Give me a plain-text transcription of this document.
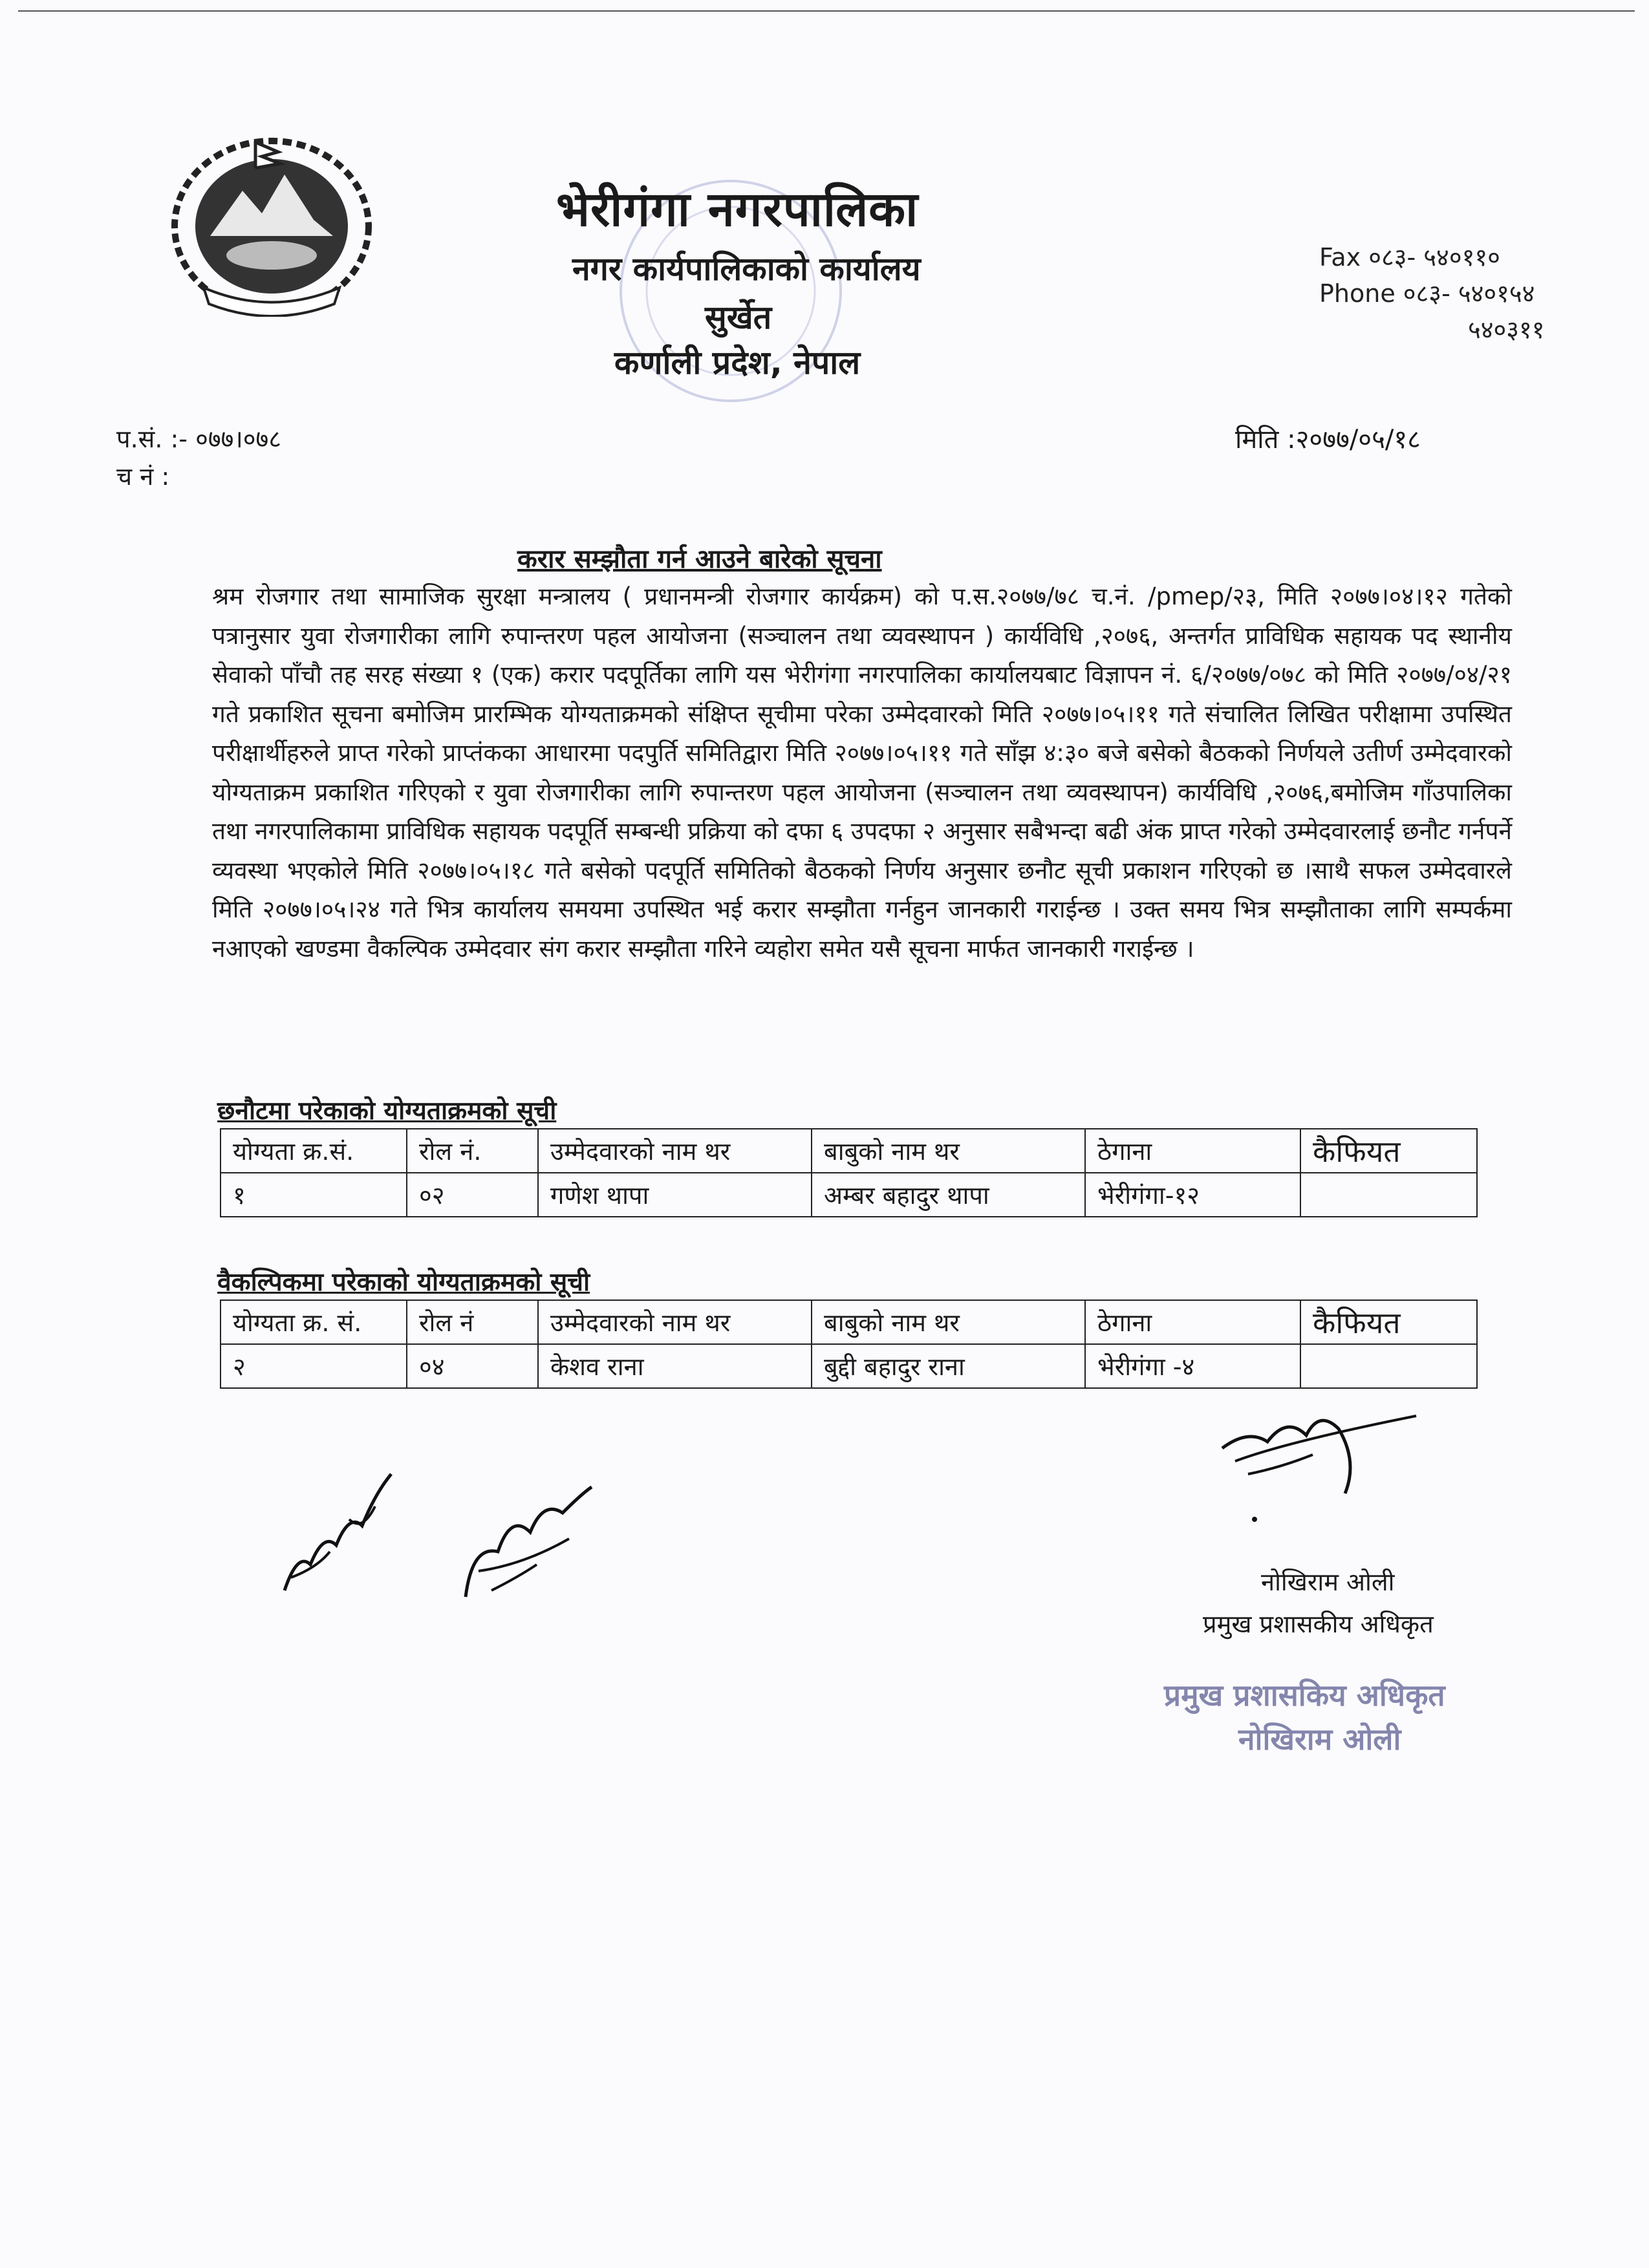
भेरीगंगा नगरपालिका
नगर कार्यपालिकाको कार्यालय
सुर्खेत
कर्णाली प्रदेश, नेपाल
Fax ०८३- ५४०११०
Phone ०८३- ५४०१५४
५४०३११
प.सं. :- ०७७।०७८
च नं :
मिति :२०७७/०५/१८
करार सम्झौता गर्न आउने बारेको सूचना
श्रम रोजगार तथा सामाजिक सुरक्षा मन्त्रालय ( प्रधानमन्त्री रोजगार कार्यक्रम) को प.स.२०७७/७८ च.नं. /pmep/२३, मिति २०७७।०४।१२ गतेको पत्रानुसार युवा रोजगारीका लागि रुपान्तरण पहल आयोजना (सञ्चालन तथा व्यवस्थापन ) कार्यविधि ,२०७६, अन्तर्गत प्राविधिक सहायक पद स्थानीय सेवाको पाँचौ तह सरह संख्या १ (एक) करार पदपूर्तिका लागि यस भेरीगंगा नगरपालिका कार्यालयबाट विज्ञापन नं. ६/२०७७/०७८ को मिति २०७७/०४/२१ गते प्रकाशित सूचना बमोजिम प्रारम्भिक योग्यताक्रमको संक्षिप्त सूचीमा परेका उम्मेदवारको मिति २०७७।०५।११ गते संचालित लिखित परीक्षामा उपस्थित परीक्षार्थीहरुले प्राप्त गरेको प्राप्तंकका आधारमा पदपुर्ति समितिद्वारा मिति २०७७।०५।११ गते साँझ ४:३० बजे बसेको बैठकको निर्णयले उतीर्ण उम्मेदवारको योग्यताक्रम प्रकाशित गरिएको र युवा रोजगारीका लागि रुपान्तरण पहल आयोजना (सञ्चालन तथा व्यवस्थापन) कार्यविधि ,२०७६,बमोजिम गाँउपालिका तथा नगरपालिकामा प्राविधिक सहायक पदपूर्ति सम्बन्धी प्रक्रिया को दफा ६ उपदफा २ अनुसार सबैभन्दा बढी अंक प्राप्त गरेको उम्मेदवारलाई छनौट गर्नपर्ने व्यवस्था भएकोले मिति २०७७।०५।१८ गते बसेको पदपूर्ति समितिको बैठकको निर्णय अनुसार छनौट सूची प्रकाशन गरिएको छ ।साथै सफल उम्मेदवारले मिति २०७७।०५।२४ गते भित्र कार्यालय समयमा उपस्थित भई करार सम्झौता गर्नहुन जानकारी गराईन्छ । उक्त समय भित्र सम्झौताका लागि सम्पर्कमा नआएको खण्डमा वैकल्पिक उम्मेदवार संग करार सम्झौता गरिने व्यहोरा समेत यसै सूचना मार्फत जानकारी गराईन्छ ।
छनौटमा परेकाको योग्यताक्रमको सूची
योग्यता क्र.सं.	रोल नं.	उम्मेदवारको नाम थर	बाबुको नाम थर	ठेगाना	कैफियत
१	०२	गणेश थापा	अम्बर बहादुर थापा	भेरीगंगा-१२	
वैकल्पिकमा परेकाको योग्यताक्रमको सूची
योग्यता क्र. सं.	रोल नं	उम्मेदवारको नाम थर	बाबुको नाम थर	ठेगाना	कैफियत
२	०४	केशव राना	बुद्दी बहादुर राना	भेरीगंगा -४	
नोखिराम ओली
प्रमुख प्रशासकीय अधिकृत
प्रमुख प्रशासकिय अधिकृत
नोखिराम ओली
